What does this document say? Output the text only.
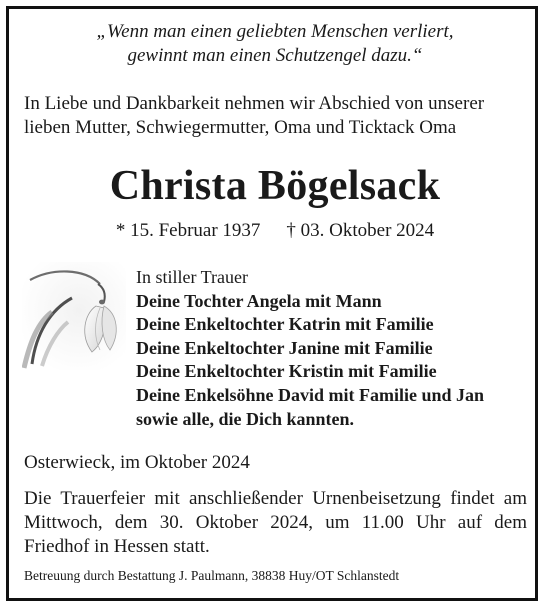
„Wenn man einen geliebten Menschen verliert,
gewinnt man einen Schutzengel dazu.“
In Liebe und Dankbarkeit nehmen wir Abschied von unserer lieben Mutter, Schwiegermutter, Oma und Ticktack Oma
Christa Bögelsack
* 15. Februar 1937 † 03. Oktober 2024
In stiller Trauer
Deine Tochter Angela mit Mann
Deine Enkeltochter Katrin mit Familie
Deine Enkeltochter Janine mit Familie
Deine Enkeltochter Kristin mit Familie
Deine Enkelsöhne David mit Familie und Jan
sowie alle, die Dich kannten.
Osterwieck, im Oktober 2024
Die Trauerfeier mit anschließender Urnenbeisetzung findet am Mittwoch, dem 30. Oktober 2024, um 11.00 Uhr auf dem Friedhof in Hessen statt.
Betreuung durch Bestattung J. Paulmann, 38838 Huy/OT Schlanstedt
